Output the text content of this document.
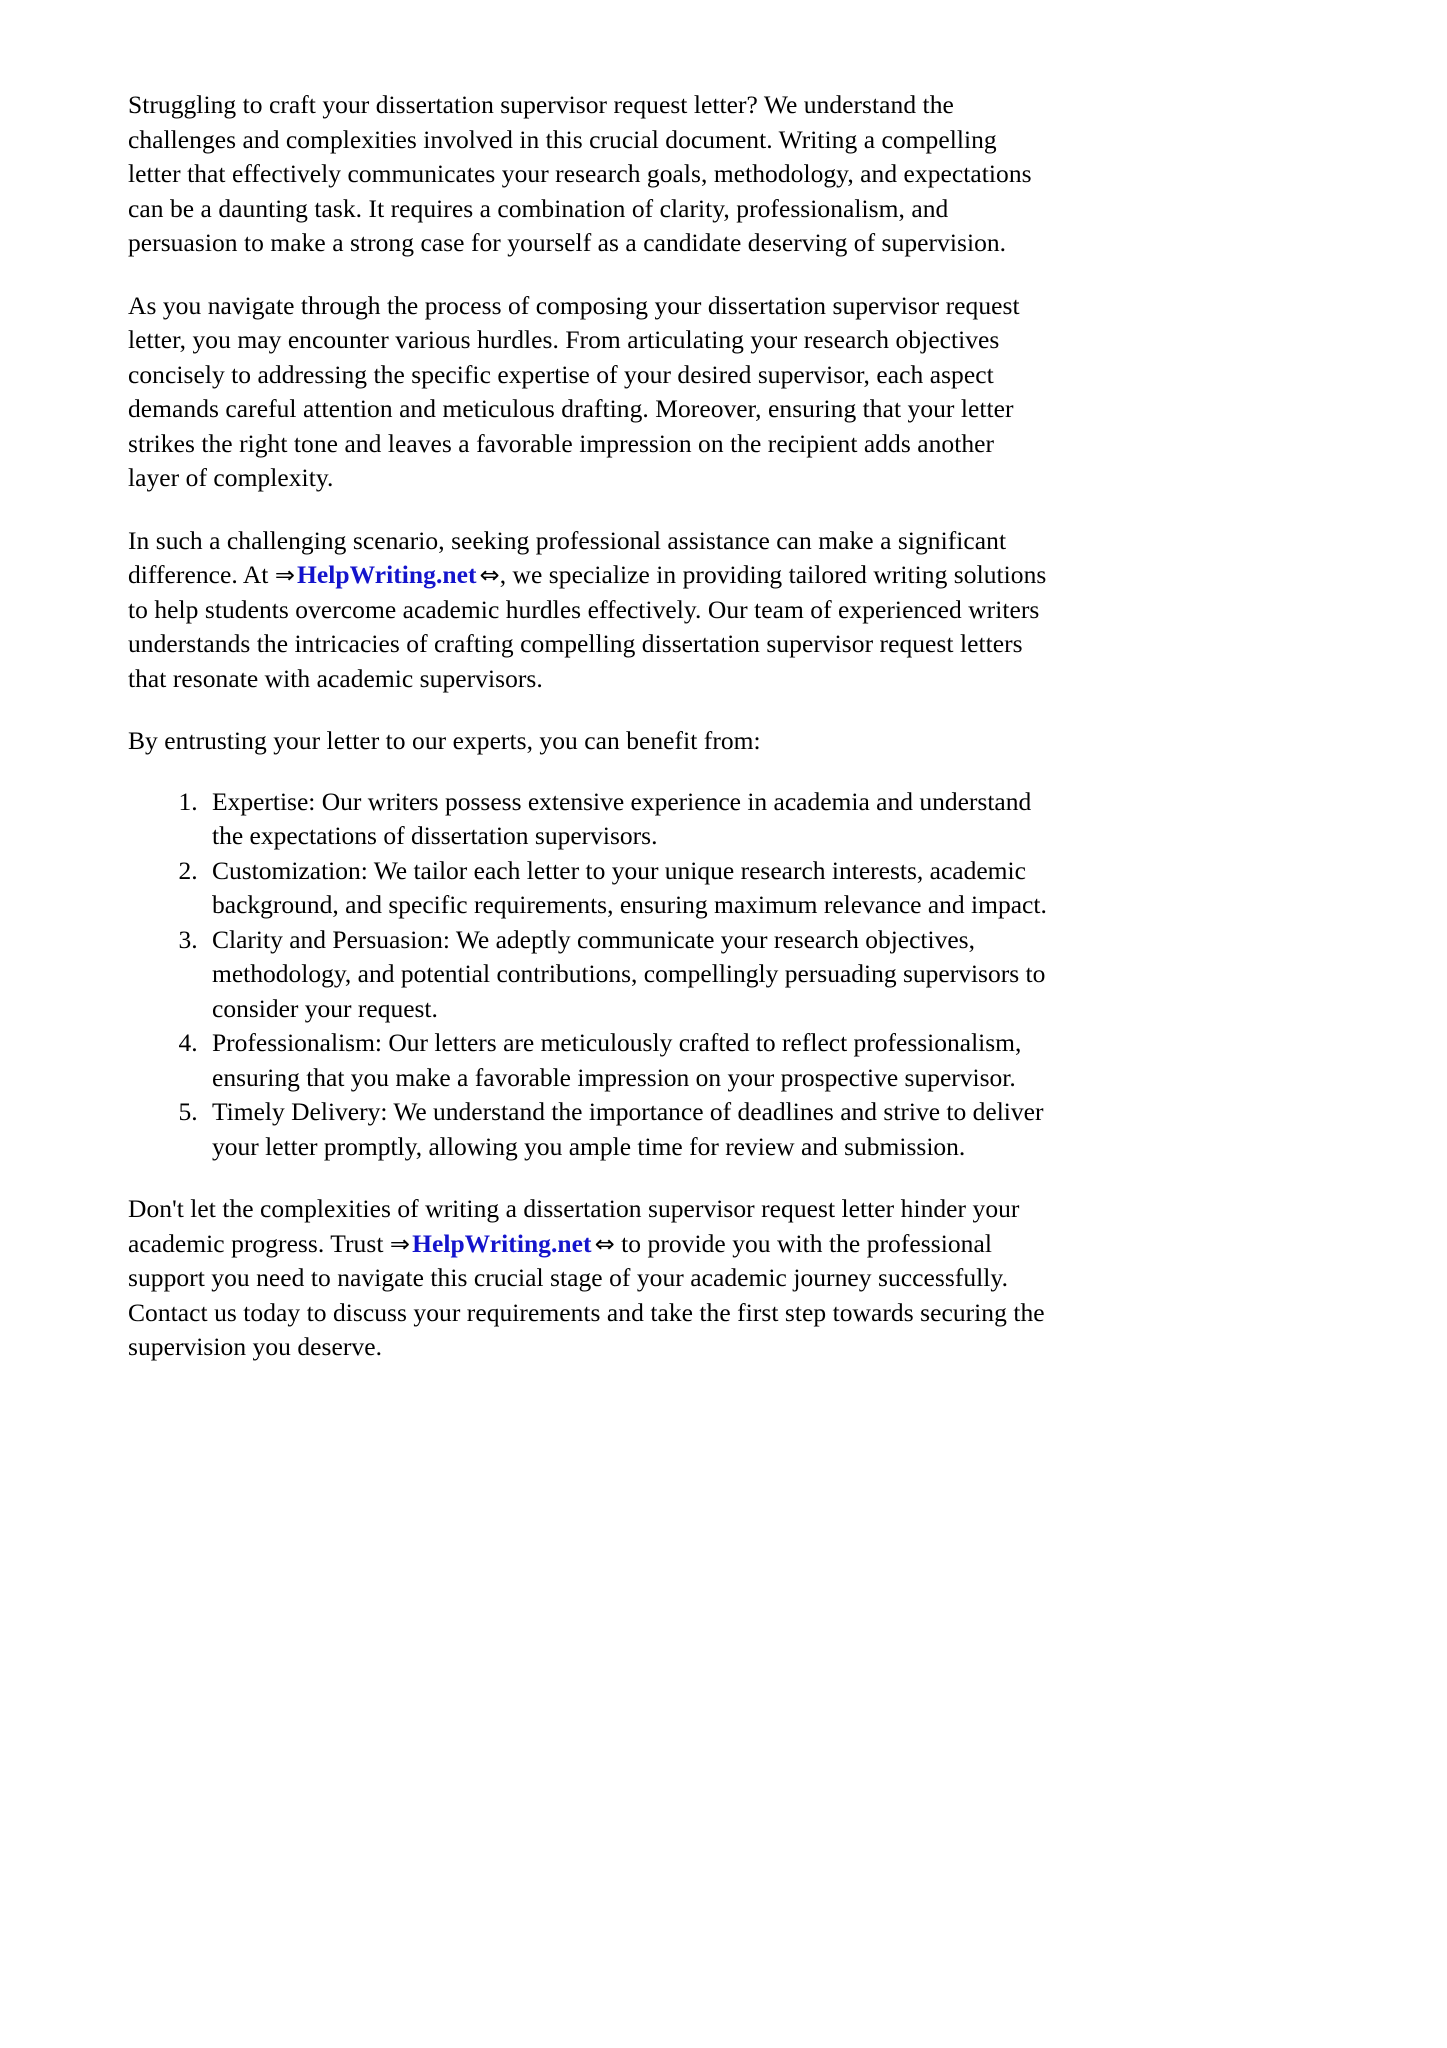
Struggling to craft your dissertation supervisor request letter? We understand the challenges and complexities involved in this crucial document. Writing a compelling letter that effectively communicates your research goals, methodology, and expectations can be a daunting task. It requires a combination of clarity, professionalism, and persuasion to make a strong case for yourself as a candidate deserving of supervision.

As you navigate through the process of composing your dissertation supervisor request letter, you may encounter various hurdles. From articulating your research objectives concisely to addressing the specific expertise of your desired supervisor, each aspect demands careful attention and meticulous drafting. Moreover, ensuring that your letter strikes the right tone and leaves a favorable impression on the recipient adds another layer of complexity.

In such a challenging scenario, seeking professional assistance can make a significant difference. At ⇒HelpWriting.net ⇔, we specialize in providing tailored writing solutions to help students overcome academic hurdles effectively. Our team of experienced writers understands the intricacies of crafting compelling dissertation supervisor request letters that resonate with academic supervisors.

By entrusting your letter to our experts, you can benefit from:

1. Expertise: Our writers possess extensive experience in academia and understand the expectations of dissertation supervisors.
2. Customization: We tailor each letter to your unique research interests, academic background, and specific requirements, ensuring maximum relevance and impact.
3. Clarity and Persuasion: We adeptly communicate your research objectives, methodology, and potential contributions, compellingly persuading supervisors to consider your request.
4. Professionalism: Our letters are meticulously crafted to reflect professionalism, ensuring that you make a favorable impression on your prospective supervisor.
5. Timely Delivery: We understand the importance of deadlines and strive to deliver your letter promptly, allowing you ample time for review and submission.

Don't let the complexities of writing a dissertation supervisor request letter hinder your academic progress. Trust ⇒HelpWriting.net ⇔ to provide you with the professional support you need to navigate this crucial stage of your academic journey successfully. Contact us today to discuss your requirements and take the first step towards securing the supervision you deserve.
